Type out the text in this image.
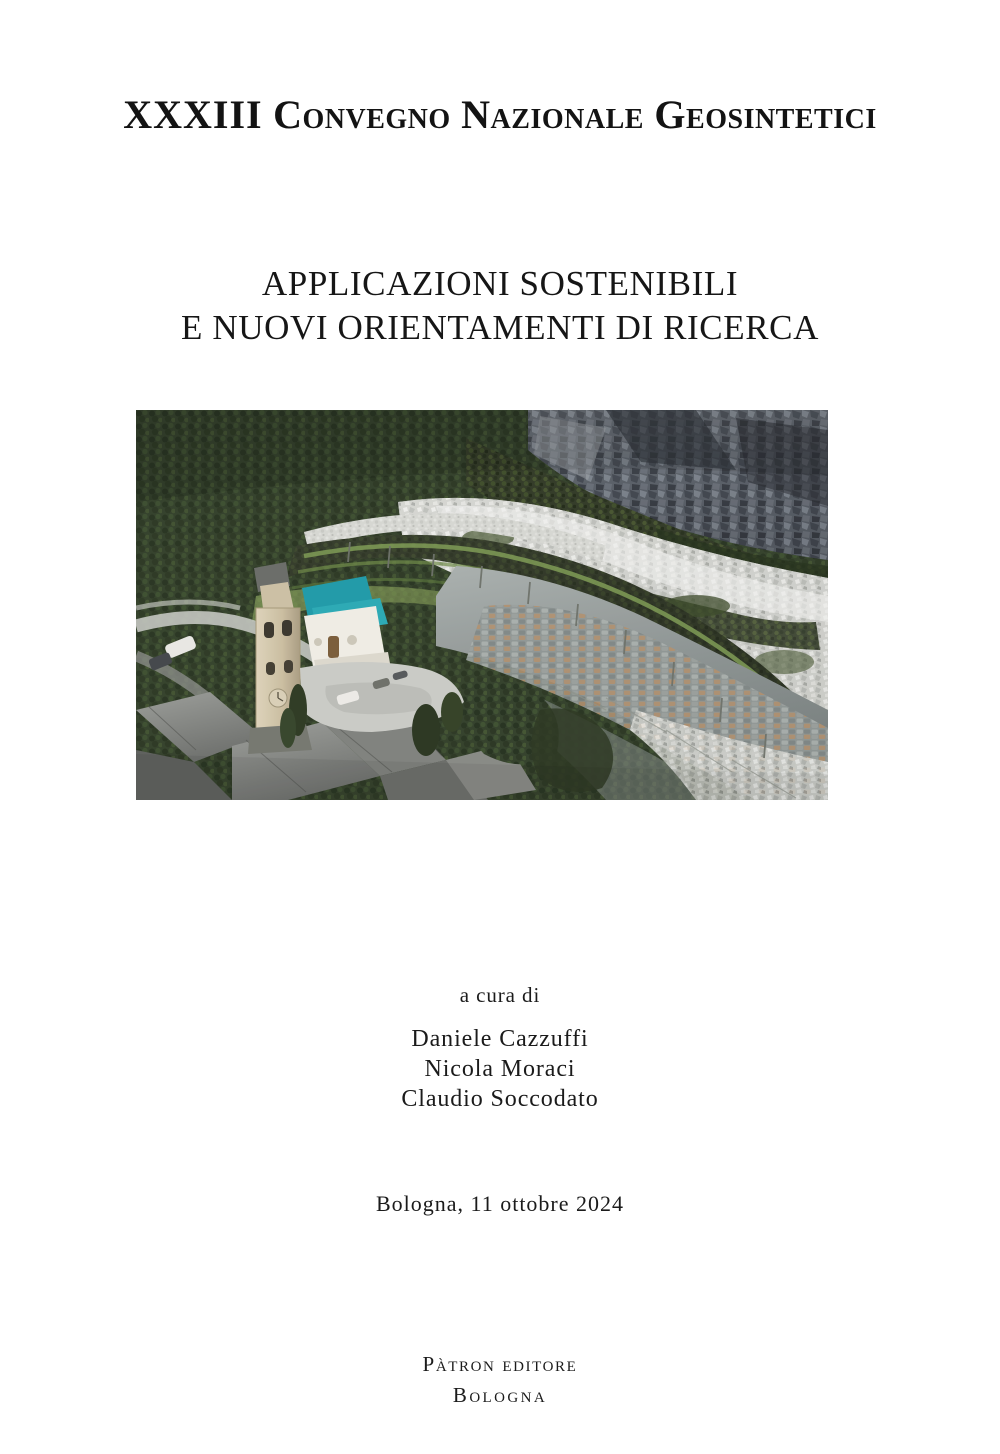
XXXIII Convegno Nazionale Geosintetici
APPLICAZIONI SOSTENIBILI
E NUOVI ORIENTAMENTI DI RICERCA
a cura di
Daniele Cazzuffi
Nicola Moraci
Claudio Soccodato
Bologna, 11 ottobre 2024
Pàtron editore
Bologna
